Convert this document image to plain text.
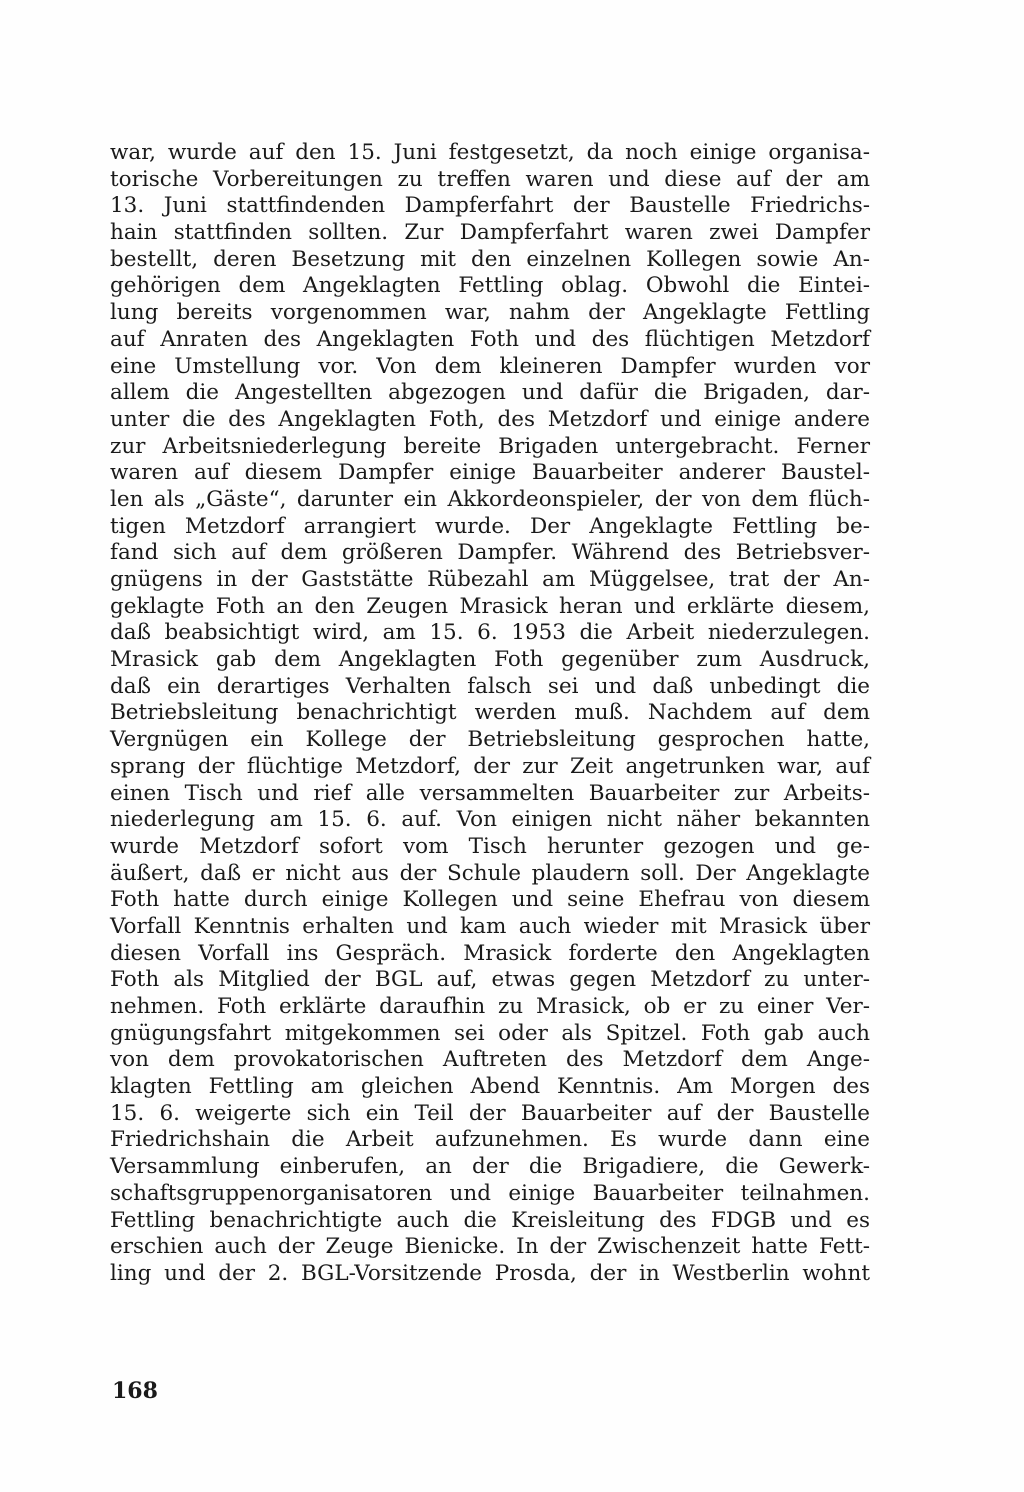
war, wurde auf den 15. Juni festgesetzt, da noch einige organisa-
torische Vorbereitungen zu treffen waren und diese auf der am
13. Juni stattfindenden Dampferfahrt der Baustelle Friedrichs-
hain stattfinden sollten. Zur Dampferfahrt waren zwei Dampfer
bestellt, deren Besetzung mit den einzelnen Kollegen sowie An-
gehörigen dem Angeklagten Fettling oblag. Obwohl die Eintei-
lung bereits vorgenommen war, nahm der Angeklagte Fettling
auf Anraten des Angeklagten Foth und des flüchtigen Metzdorf
eine Umstellung vor. Von dem kleineren Dampfer wurden vor
allem die Angestellten abgezogen und dafür die Brigaden, dar-
unter die des Angeklagten Foth, des Metzdorf und einige andere
zur Arbeitsniederlegung bereite Brigaden untergebracht. Ferner
waren auf diesem Dampfer einige Bauarbeiter anderer Baustel-
len als „Gäste“, darunter ein Akkordeonspieler, der von dem flüch-
tigen Metzdorf arrangiert wurde. Der Angeklagte Fettling be-
fand sich auf dem größeren Dampfer. Während des Betriebsver-
gnügens in der Gaststätte Rübezahl am Müggelsee, trat der An-
geklagte Foth an den Zeugen Mrasick heran und erklärte diesem,
daß beabsichtigt wird, am 15. 6. 1953 die Arbeit niederzulegen.
Mrasick gab dem Angeklagten Foth gegenüber zum Ausdruck,
daß ein derartiges Verhalten falsch sei und daß unbedingt die
Betriebsleitung benachrichtigt werden muß. Nachdem auf dem
Vergnügen ein Kollege der Betriebsleitung gesprochen hatte,
sprang der flüchtige Metzdorf, der zur Zeit angetrunken war, auf
einen Tisch und rief alle versammelten Bauarbeiter zur Arbeits-
niederlegung am 15. 6. auf. Von einigen nicht näher bekannten
wurde Metzdorf sofort vom Tisch herunter gezogen und ge-
äußert, daß er nicht aus der Schule plaudern soll. Der Angeklagte
Foth hatte durch einige Kollegen und seine Ehefrau von diesem
Vorfall Kenntnis erhalten und kam auch wieder mit Mrasick über
diesen Vorfall ins Gespräch. Mrasick forderte den Angeklagten
Foth als Mitglied der BGL auf, etwas gegen Metzdorf zu unter-
nehmen. Foth erklärte daraufhin zu Mrasick, ob er zu einer Ver-
gnügungsfahrt mitgekommen sei oder als Spitzel. Foth gab auch
von dem provokatorischen Auftreten des Metzdorf dem Ange-
klagten Fettling am gleichen Abend Kenntnis. Am Morgen des
15. 6. weigerte sich ein Teil der Bauarbeiter auf der Baustelle
Friedrichshain die Arbeit aufzunehmen. Es wurde dann eine
Versammlung einberufen, an der die Brigadiere, die Gewerk-
schaftsgruppenorganisatoren und einige Bauarbeiter teilnahmen.
Fettling benachrichtigte auch die Kreisleitung des FDGB und es
erschien auch der Zeuge Bienicke. In der Zwischenzeit hatte Fett-
ling und der 2. BGL-Vorsitzende Prosda, der in Westberlin wohnt
168
